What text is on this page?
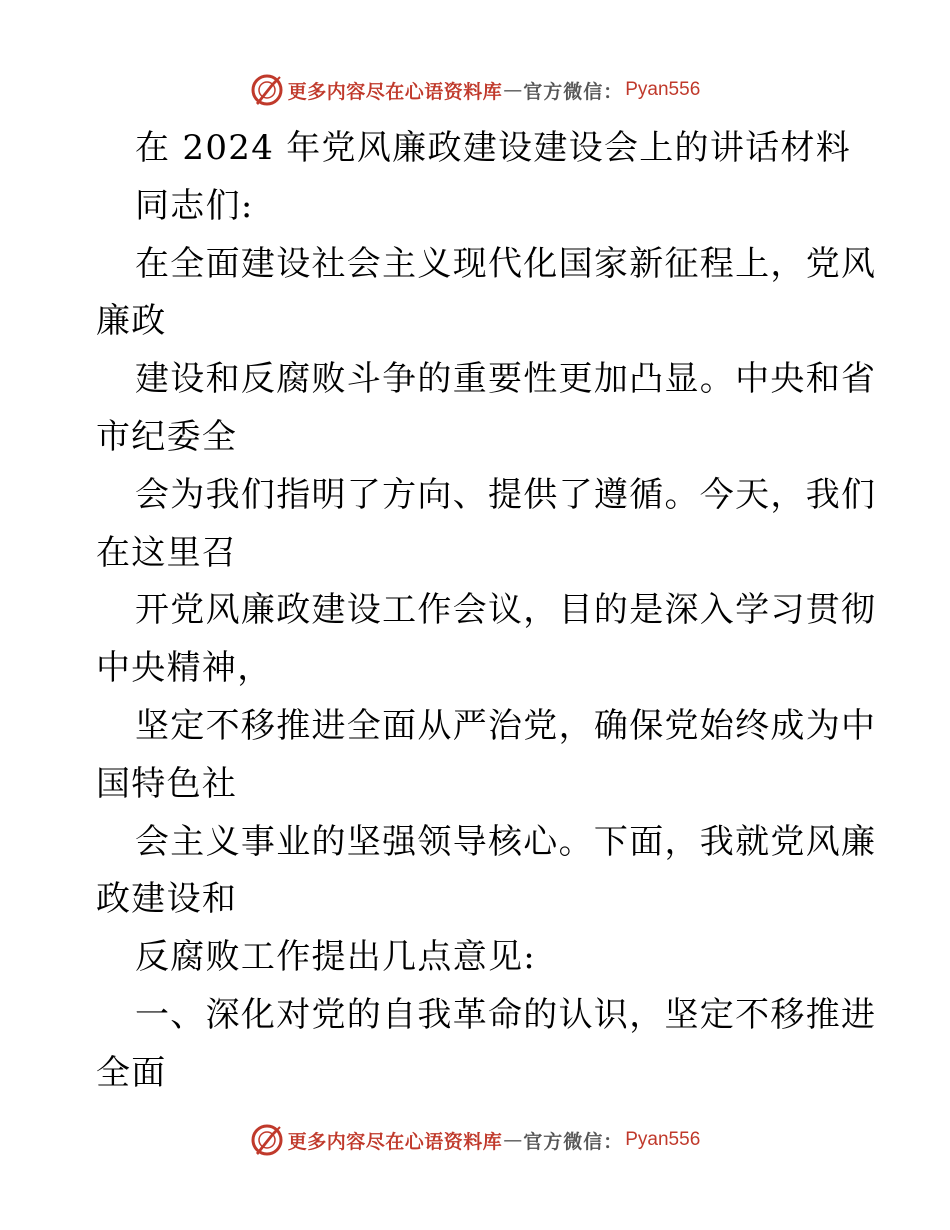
更多内容尽在心语资料库 — 官方微信： Pyan556
在 2024 年党风廉政建设建设会上的讲话材料
同志们:
在全面建设社会主义现代化国家新征程上，党风
廉政
建设和反腐败斗争的重要性更加凸显。中央和省
市纪委全
会为我们指明了方向、提供了遵循。今天，我们
在这里召
开党风廉政建设工作会议，目的是深入学习贯彻
中央精神，
坚定不移推进全面从严治党，确保党始终成为中
国特色社
会主义事业的坚强领导核心。下面，我就党风廉
政建设和
反腐败工作提出几点意见:
一、深化对党的自我革命的认识，坚定不移推进
全面
更多内容尽在心语资料库 — 官方微信： Pyan556
